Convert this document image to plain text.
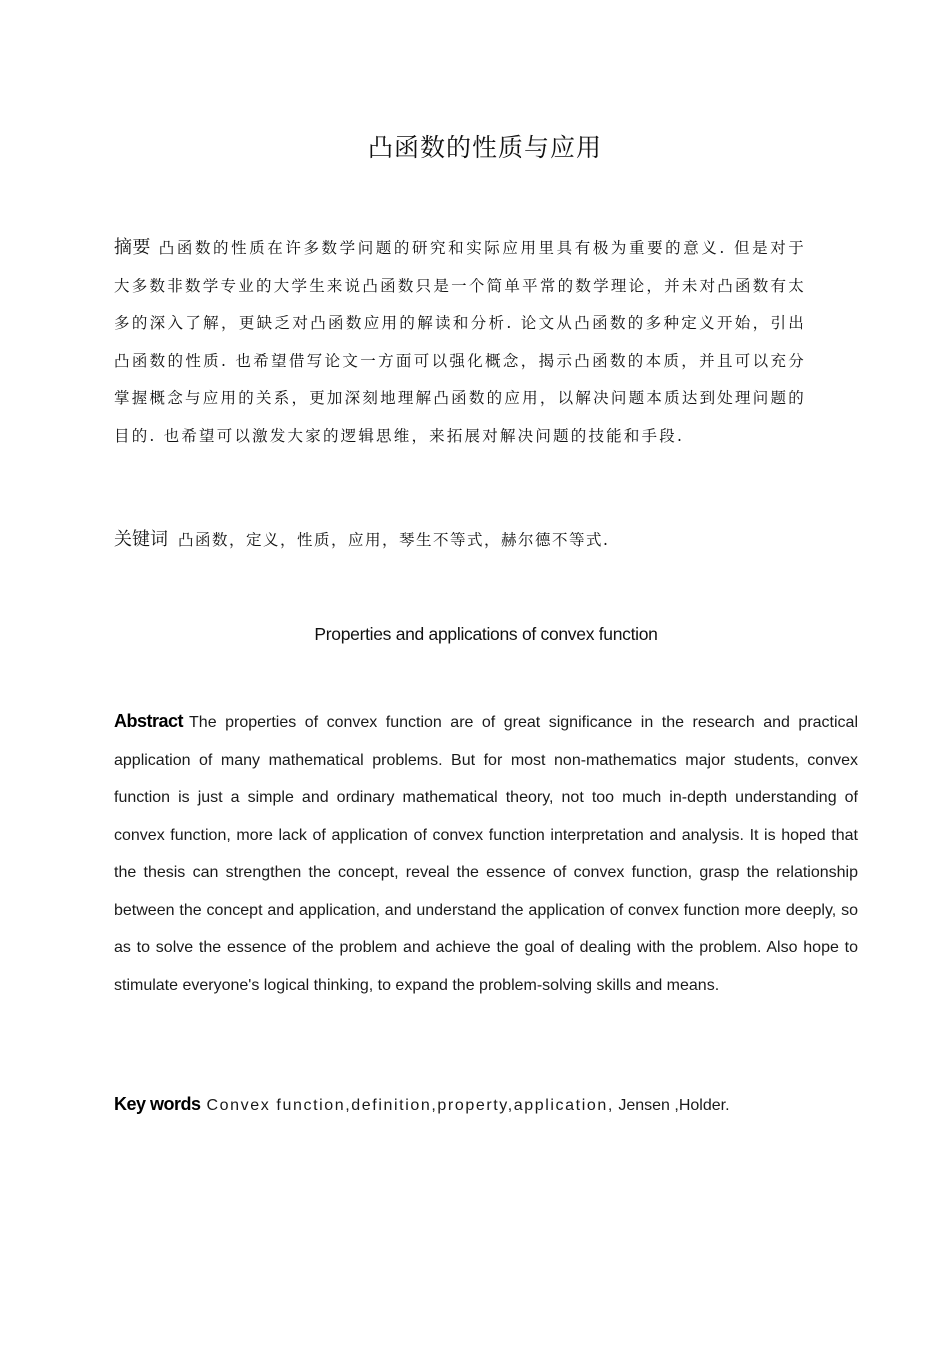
凸函数的性质与应用
摘要 凸函数的性质在许多数学问题的研究和实际应用里具有极为重要的意义. 但是对于大多数非数学专业的大学生来说凸函数只是一个简单平常的数学理论，并未对凸函数有太多的深入了解，更缺乏对凸函数应用的解读和分析. 论文从凸函数的多种定义开始，引出凸函数的性质. 也希望借写论文一方面可以强化概念，揭示凸函数的本质，并且可以充分掌握概念与应用的关系，更加深刻地理解凸函数的应用，以解决问题本质达到处理问题的目的. 也希望可以激发大家的逻辑思维，来拓展对解决问题的技能和手段.
关键词 凸函数，定义，性质，应用，琴生不等式，赫尔德不等式.
Properties and applications of convex function
Abstract The properties of convex function are of great significance in the research and practical application of many mathematical problems. But for most non-mathematics major students, convex function is just a simple and ordinary mathematical theory, not too much in-depth understanding of convex function, more lack of application of convex function interpretation and analysis. It is hoped that the thesis can strengthen the concept, reveal the essence of convex function, grasp the relationship between the concept and application, and understand the application of convex function more deeply, so as to solve the essence of the problem and achieve the goal of dealing with the problem. Also hope to stimulate everyone's logical thinking, to expand the problem-solving skills and means.
Key words Convex function,definition,property,application, Jensen ,Holder.
